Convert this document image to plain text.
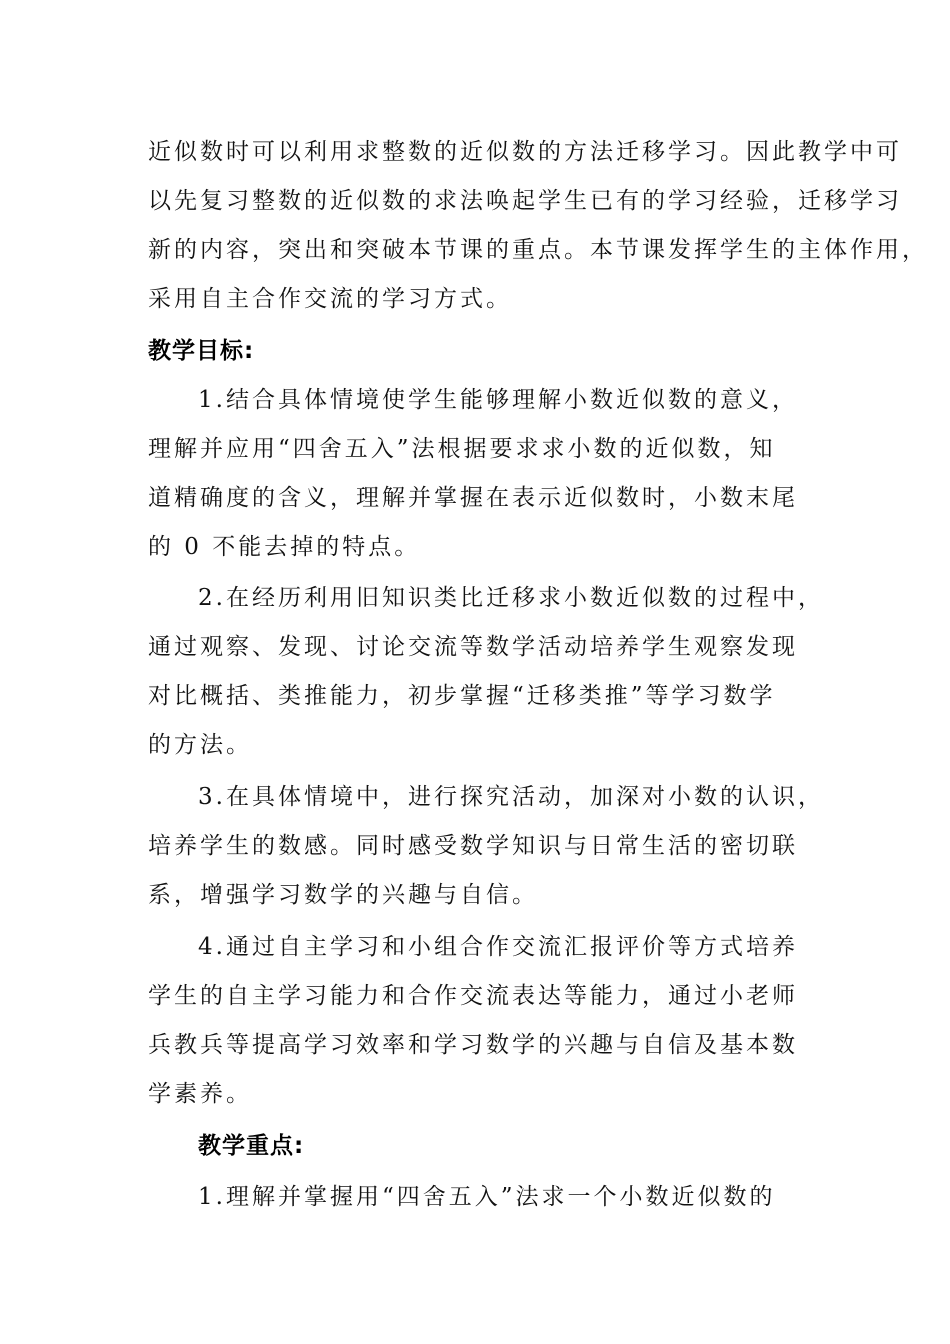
近似数时可以利用求整数的近似数的方法迁移学习。因此教学中可
以先复习整数的近似数的求法唤起学生已有的学习经验，迁移学习
新的内容，突出和突破本节课的重点。本节课发挥学生的主体作用，
采用自主合作交流的学习方式。
教学目标:
1.结合具体情境使学生能够理解小数近似数的意义，
理解并应用“四舍五入”法根据要求求小数的近似数，知
道精确度的含义，理解并掌握在表示近似数时，小数末尾
的 0 不能去掉的特点。
2.在经历利用旧知识类比迁移求小数近似数的过程中，
通过观察、发现、讨论交流等数学活动培养学生观察发现
对比概括、类推能力，初步掌握“迁移类推”等学习数学
的方法。
3.在具体情境中，进行探究活动，加深对小数的认识，
培养学生的数感。同时感受数学知识与日常生活的密切联
系，增强学习数学的兴趣与自信。
4.通过自主学习和小组合作交流汇报评价等方式培养
学生的自主学习能力和合作交流表达等能力，通过小老师
兵教兵等提高学习效率和学习数学的兴趣与自信及基本数
学素养。
教学重点:
1.理解并掌握用“四舍五入”法求一个小数近似数的
